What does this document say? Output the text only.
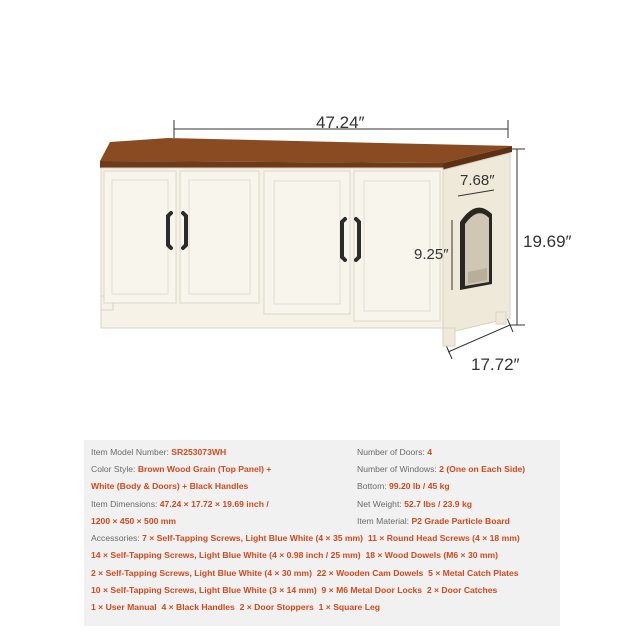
47.24″
19.69″
17.72″
7.68″
9.25″
Item Model Number: SR253073WH
Color Style: Brown Wood Grain (Top Panel) +
White (Body & Doors) + Black Handles
Item Dimensions: 47.24 × 17.72 × 19.69 inch /
1200 × 450 × 500 mm
Number of Doors: 4
Number of Windows: 2 (One on Each Side)
Bottom: 99.20 lb / 45 kg
Net Weight: 52.7 lbs / 23.9 kg
Item Material: P2 Grade Particle Board
Accessories: 7 × Self-Tapping Screws, Light Blue White (4 × 35 mm) 11 × Round Head Screws (4 × 18 mm)
14 × Self-Tapping Screws, Light Blue White (4 × 0.98 inch / 25 mm) 18 × Wood Dowels (M6 × 30 mm)
2 × Self-Tapping Screws, Light Blue White (4 × 30 mm) 22 × Wooden Cam Dowels 5 × Metal Catch Plates
10 × Self-Tapping Screws, Light Blue White (3 × 14 mm) 9 × M6 Metal Door Locks 2 × Door Catches
1 × User Manual 4 × Black Handles 2 × Door Stoppers 1 × Square Leg
